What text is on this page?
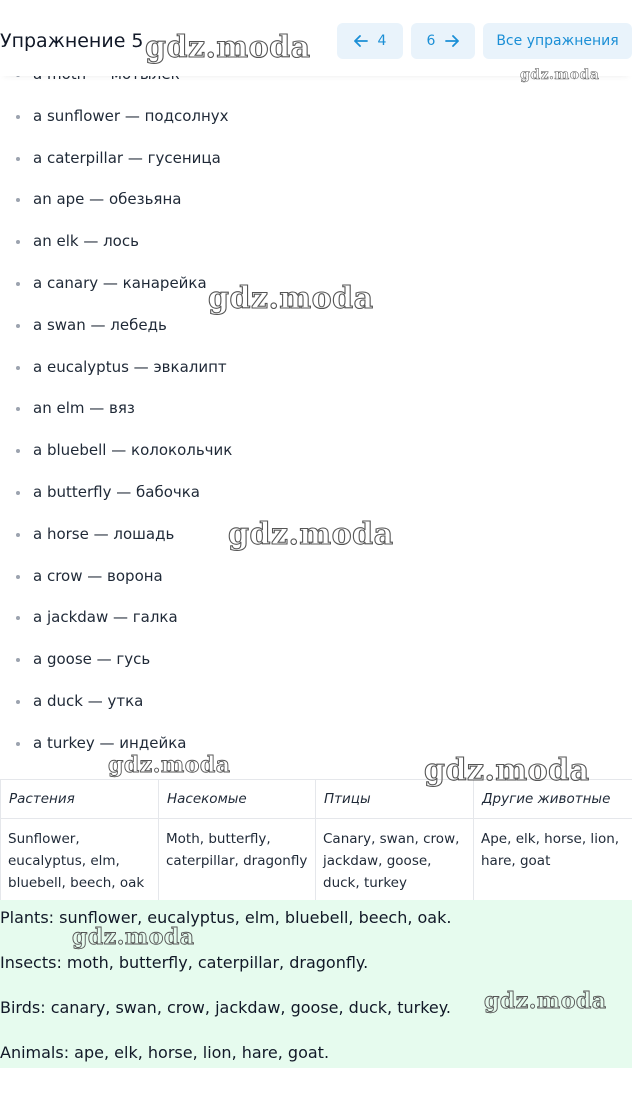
a sunflower — подсолнух
a caterpillar — гусеница
an ape — обезьяна
an elk — лось
a canary — канарейка
a swan — лебедь
a eucalyptus — эвкалипт
an elm — вяз
a bluebell — колокольчик
a butterfly — бабочка
a horse — лошадь
a crow — ворона
a jackdaw — галка
a goose — гусь
a duck — утка
a turkey — индейка
Упражнение 5	4	6	Все упражнения
Растения	Насекомые	Птицы	Другие животные
Sunflower, eucalyptus, elm, bluebell, beech, oak	Moth, butterfly, caterpillar, dragonfly	Canary, swan, crow, jackdaw, goose, duck, turkey	Ape, elk, horse, lion, hare, goat
Plants: sunflower, eucalyptus, elm, bluebell, beech, oak.
Insects: moth, butterfly, caterpillar, dragonfly.
Birds: canary, swan, crow, jackdaw, goose, duck, turkey.
Animals: ape, elk, horse, lion, hare, goat.
gdz.moda
gdz.moda
gdz.moda	gdz.moda
